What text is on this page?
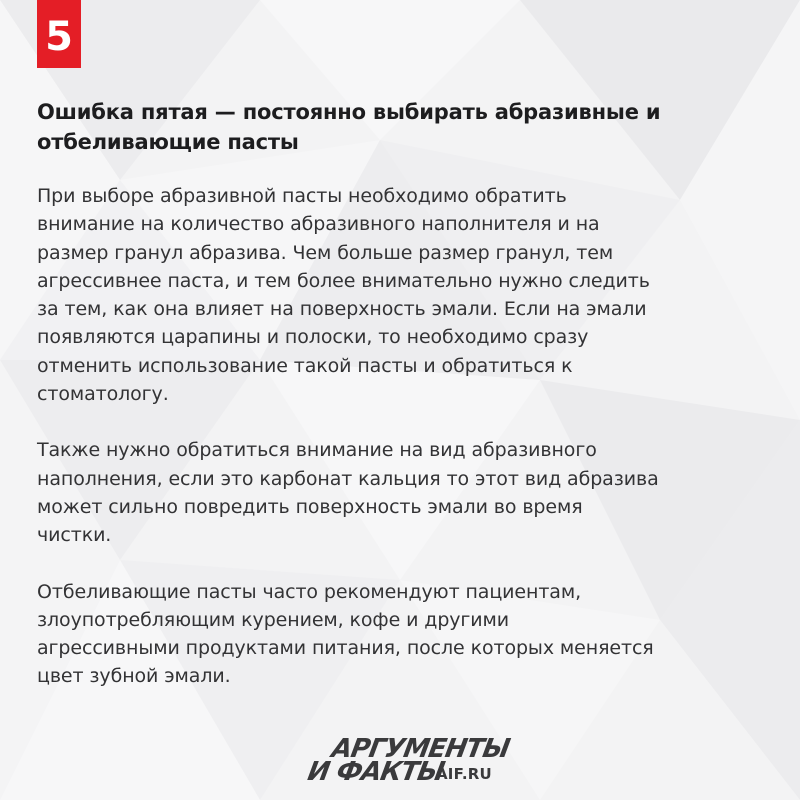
5
Ошибка пятая — постоянно выбирать абразивные и отбеливающие пасты

При выборе абразивной пасты необходимо обратить
внимание на количество абразивного наполнителя и на
размер гранул абразива. Чем больше размер гранул, тем
агрессивнее паста, и тем более внимательно нужно следить
за тем, как она влияет на поверхность эмали. Если на эмали
появляются царапины и полоски, то необходимо сразу
отменить использование такой пасты и обратиться к
стоматологу.

Также нужно обратиться внимание на вид абразивного
наполнения, если это карбонат кальция то этот вид абразива
может сильно повредить поверхность эмали во время
чистки.

Отбеливающие пасты часто рекомендуют пациентам,
злоупотребляющим курением, кофе и другими
агрессивными продуктами питания, после которых меняется
цвет зубной эмали.

АРГУМЕНТЫ
И ФАКТЫ
AIF.RU
